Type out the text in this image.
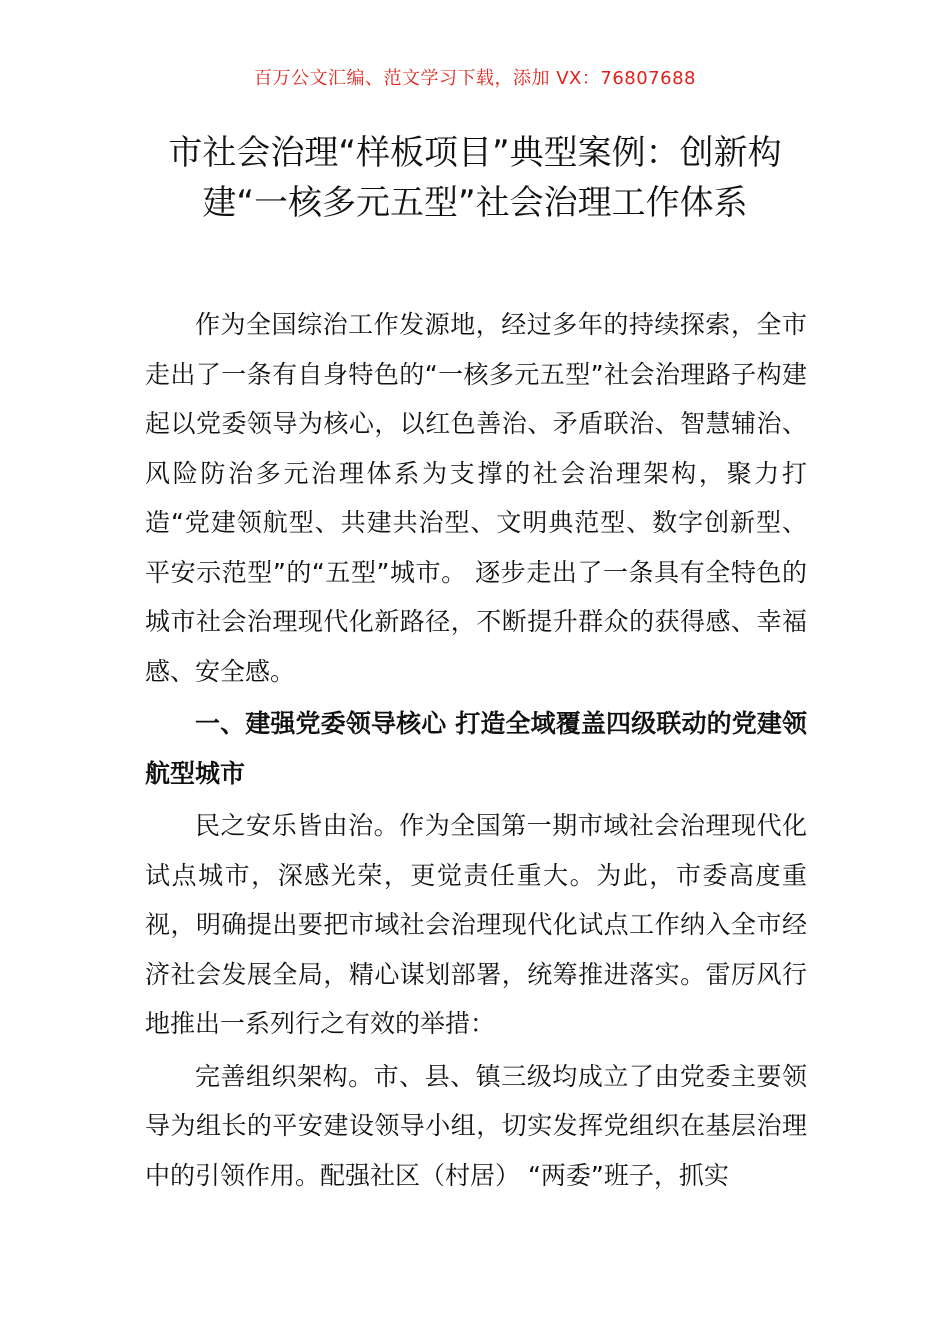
百万公文汇编、范文学习下载，添加 VX：76807688
市社会治理“样板项目”典型案例：创新构建“一核多元五型”社会治理工作体系

作为全国综治工作发源地，经过多年的持续探索，全市走出了一条有自身特色的“一核多元五型”社会治理路子构建起以党委领导为核心，以红色善治、矛盾联治、智慧辅治、风险防治多元治理体系为支撑的社会治理架构，聚力打造“党建领航型、共建共治型、文明典范型、数字创新型、平安示范型”的“五型”城市。 逐步走出了一条具有全特色的城市社会治理现代化新路径，不断提升群众的获得感、幸福感、安全感。

一、建强党委领导核心 打造全域覆盖四级联动的党建领航型城市

民之安乐皆由治。作为全国第一期市域社会治理现代化试点城市，深感光荣，更觉责任重大。为此，市委高度重视，明确提出要把市域社会治理现代化试点工作纳入全市经济社会发展全局，精心谋划部署，统筹推进落实。雷厉风行地推出一系列行之有效的举措：

完善组织架构。市、县、镇三级均成立了由党委主要领导为组长的平安建设领导小组，切实发挥党组织在基层治理中的引领作用。配强社区（村居） “两委”班子，抓实
